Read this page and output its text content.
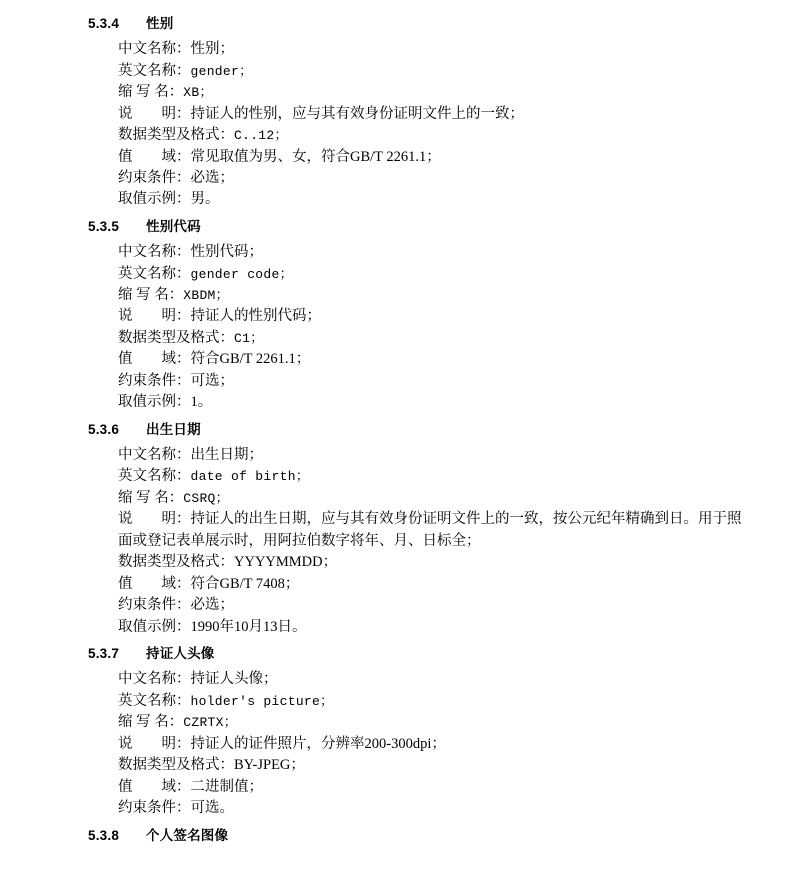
5.3.4 性别
中文名称：性别；
英文名称：gender；
缩 写 名：XB；
说　　明：持证人的性别，应与其有效身份证明文件上的一致；
数据类型及格式：C..12；
值　　域：常见取值为男、女，符合GB/T 2261.1；
约束条件：必选；
取值示例：男。
5.3.5 性别代码
中文名称：性别代码；
英文名称：gender code；
缩 写 名：XBDM；
说　　明：持证人的性别代码；
数据类型及格式：C1；
值　　域：符合GB/T 2261.1；
约束条件：可选；
取值示例：1。
5.3.6 出生日期
中文名称：出生日期；
英文名称：date of birth；
缩 写 名：CSRQ；
说　　明：持证人的出生日期，应与其有效身份证明文件上的一致，按公元纪年精确到日。用于照面或登记表单展示时，用阿拉伯数字将年、月、日标全；
数据类型及格式：YYYYMMDD；
值　　域：符合GB/T 7408；
约束条件：必选；
取值示例：1990年10月13日。
5.3.7 持证人头像
中文名称：持证人头像；
英文名称：holder's picture；
缩 写 名：CZRTX；
说　　明：持证人的证件照片，分辨率200-300dpi；
数据类型及格式：BY-JPEG；
值　　域：二进制值；
约束条件：可选。
5.3.8 个人签名图像
